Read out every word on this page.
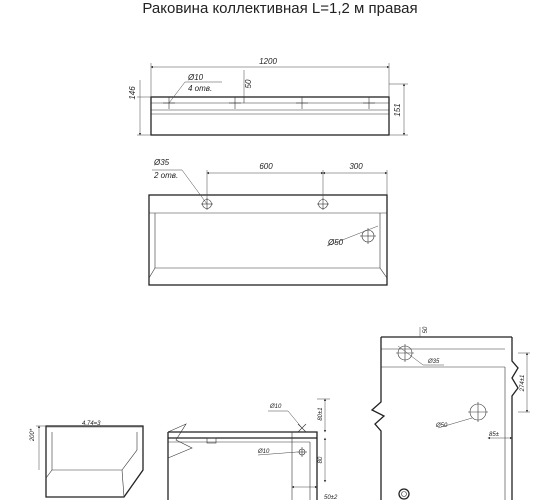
Раковина коллективная L=1,2 м правая
1200
Ø10
4 отв.	50
146
151
Ø50
600	300
Ø35
2 отв.
4.74=3
200*
Ø10
Ø10
80±1
80
50±2
Ø35
Ø50
85±
50
274±1
